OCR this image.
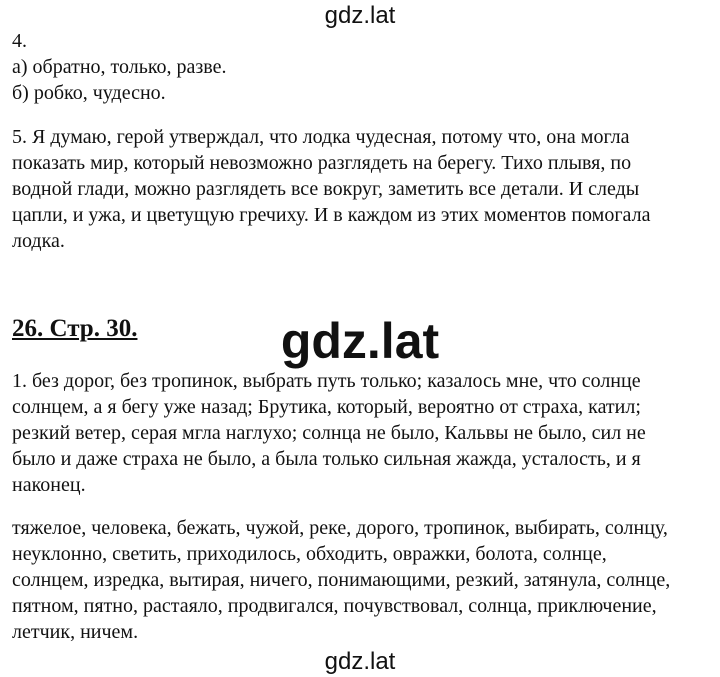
gdz.lat
4.
а) обратно, только, разве.
б) робко, чудесно.
5. Я думаю, герой утверждал, что лодка чудесная, потому что, она могла
показать мир, который невозможно разглядеть на берегу. Тихо плывя, по
водной глади, можно разглядеть все вокруг, заметить все детали. И следы
цапли, и ужа, и цветущую гречиху. И в каждом из этих моментов помогала
лодка.
26. Стр. 30.	gdz.lat
1. без дорог, без тропинок, выбрать путь только; казалось мне, что солнце
солнцем, а я бегу уже назад; Брутика, который, вероятно от страха, катил;
резкий ветер, серая мгла наглухо; солнца не было, Кальвы не было, сил не
было и даже страха не было, а была только сильная жажда, усталость, и я
наконец.
тяжелое, человека, бежать, чужой, реке, дорого, тропинок, выбирать, солнцу,
неуклонно, светить, приходилось, обходить, овражки, болота, солнце,
солнцем, изредка, вытирая, ничего, понимающими, резкий, затянула, солнце,
пятном, пятно, растаяло, продвигался, почувствовал, солнца, приключение,
летчик, ничем.
gdz.lat
